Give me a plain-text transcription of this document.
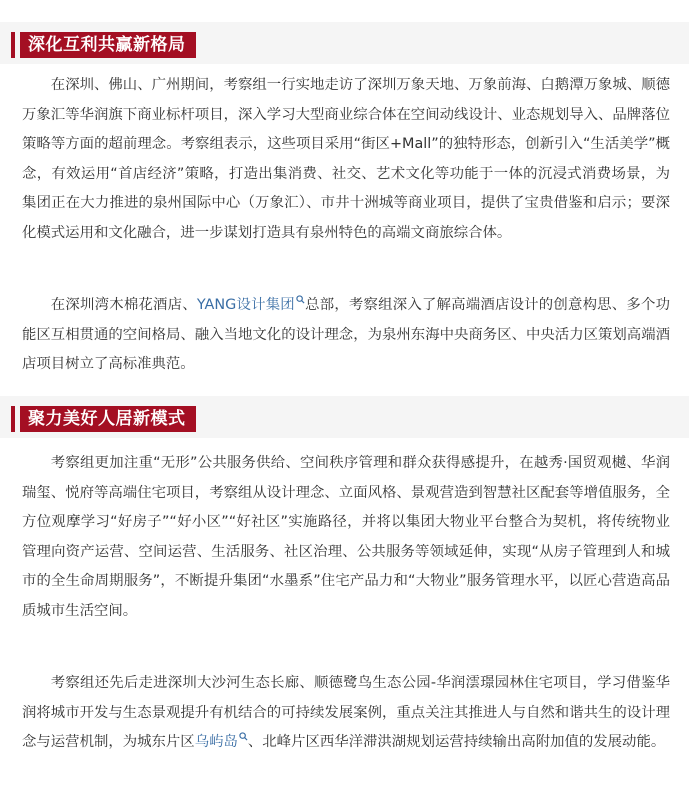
深化互利共赢新格局

在深圳、佛山、广州期间，考察组一行实地走访了深圳万象天地、万象前海、白鹅潭万象城、顺德万象汇等华润旗下商业标杆项目，深入学习大型商业综合体在空间动线设计、业态规划导入、品牌落位策略等方面的超前理念。考察组表示，这些项目采用“街区+Mall”的独特形态，创新引入“生活美学”概念，有效运用“首店经济”策略，打造出集消费、社交、艺术文化等功能于一体的沉浸式消费场景，为集团正在大力推进的泉州国际中心（万象汇）、市井十洲城等商业项目，提供了宝贵借鉴和启示；要深化模式运用和文化融合，进一步谋划打造具有泉州特色的高端文商旅综合体。

在深圳湾木棉花酒店、YANG设计集团 总部，考察组深入了解高端酒店设计的创意构思、多个功能区互相贯通的空间格局、融入当地文化的设计理念，为泉州东海中央商务区、中央活力区策划高端酒店项目树立了高标准典范。

聚力美好人居新模式

考察组更加注重“无形”公共服务供给、空间秩序管理和群众获得感提升，在越秀·国贸观樾、华润瑞玺、悦府等高端住宅项目，考察组从设计理念、立面风格、景观营造到智慧社区配套等增值服务，全方位观摩学习“好房子”“好小区”“好社区”实施路径，并将以集团大物业平台整合为契机，将传统物业管理向资产运营、空间运营、生活服务、社区治理、公共服务等领域延伸，实现“从房子管理到人和城市的全生命周期服务”，不断提升集团“水墨系”住宅产品力和“大物业”服务管理水平，以匠心营造高品质城市生活空间。

考察组还先后走进深圳大沙河生态长廊、顺德鹭鸟生态公园-华润澐璟园林住宅项目，学习借鉴华润将城市开发与生态景观提升有机结合的可持续发展案例，重点关注其推进人与自然和谐共生的设计理念与运营机制，为城东片区乌屿岛 、北峰片区西华洋滞洪湖规划运营持续输出高附加值的发展动能。
